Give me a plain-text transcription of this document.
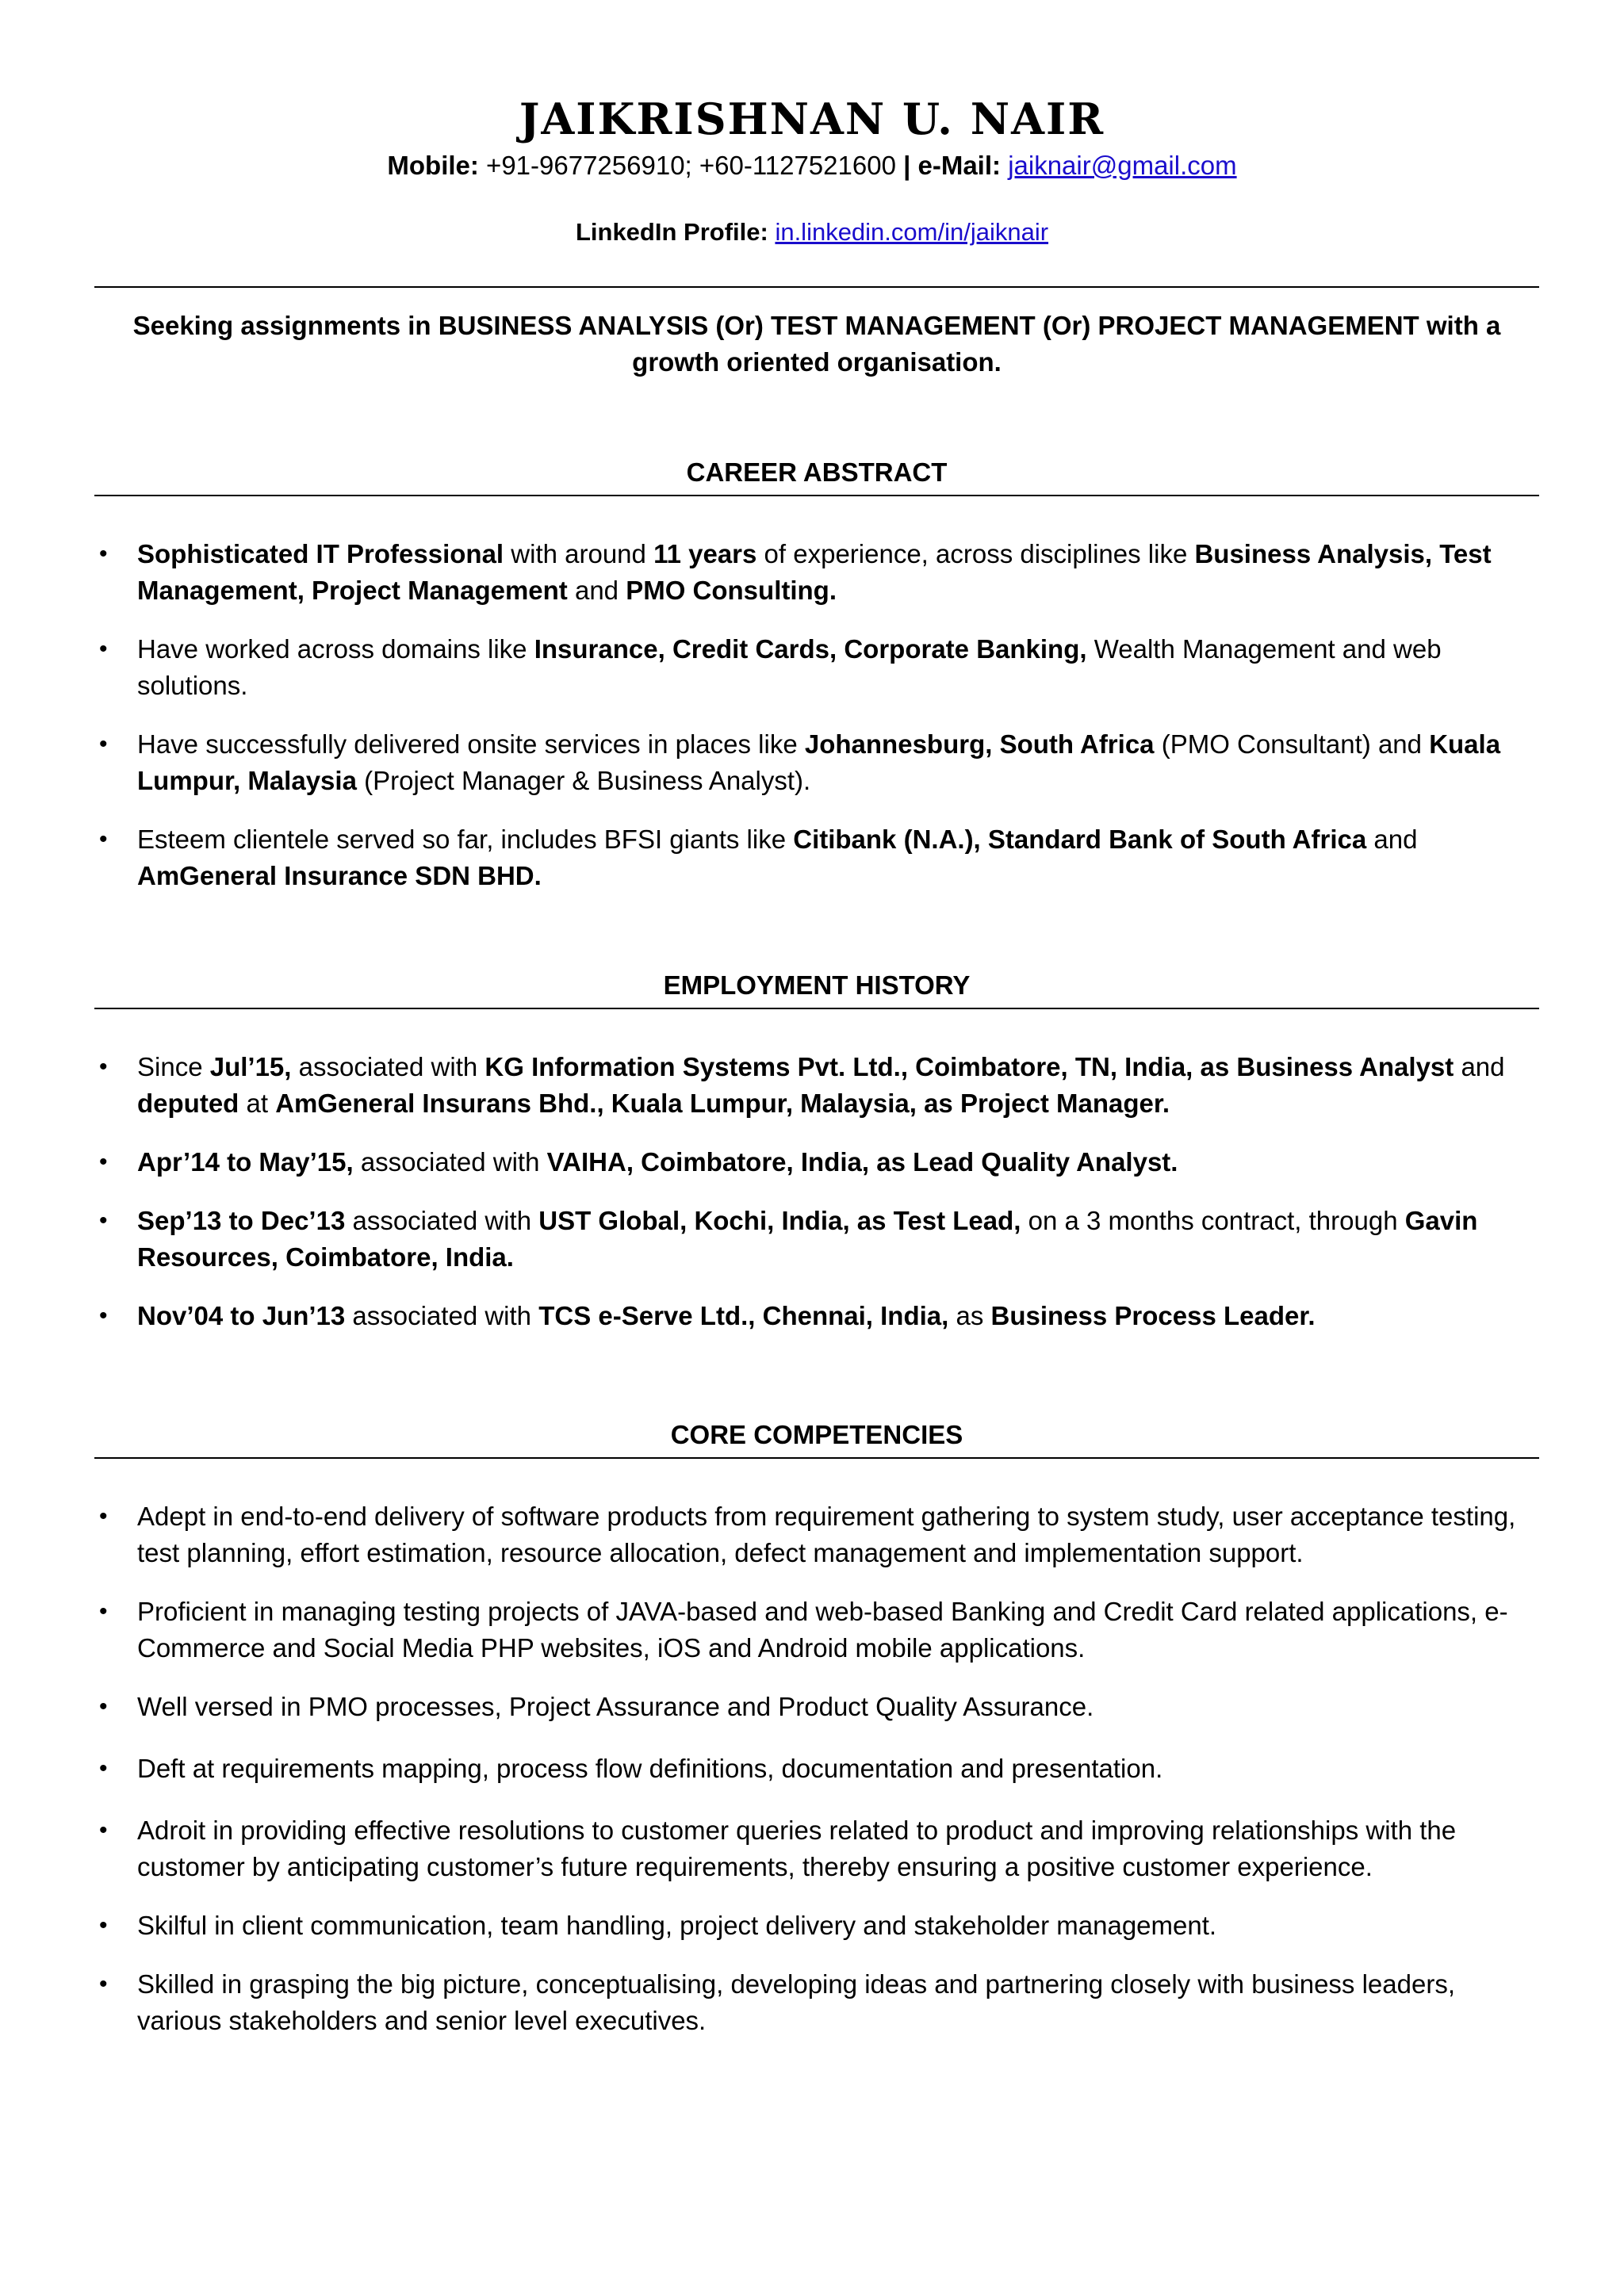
JAIKRISHNAN U. NAIR
Mobile: +91-9677256910; +60-1127521600 | e-Mail: jaiknair@gmail.com
LinkedIn Profile: in.linkedin.com/in/jaiknair
Seeking assignments in BUSINESS ANALYSIS (Or) TEST MANAGEMENT (Or) PROJECT MANAGEMENT with a growth oriented organisation.
CAREER ABSTRACT
• Sophisticated IT Professional with around 11 years of experience, across disciplines like Business Analysis, Test Management, Project Management and PMO Consulting.
• Have worked across domains like Insurance, Credit Cards, Corporate Banking, Wealth Management and web solutions.
• Have successfully delivered onsite services in places like Johannesburg, South Africa (PMO Consultant) and Kuala Lumpur, Malaysia (Project Manager & Business Analyst).
• Esteem clientele served so far, includes BFSI giants like Citibank (N.A.), Standard Bank of South Africa and AmGeneral Insurance SDN BHD.
EMPLOYMENT HISTORY
• Since Jul’15, associated with KG Information Systems Pvt. Ltd., Coimbatore, TN, India, as Business Analyst and deputed at AmGeneral Insurans Bhd., Kuala Lumpur, Malaysia, as Project Manager.
• Apr’14 to May’15, associated with VAIHA, Coimbatore, India, as Lead Quality Analyst.
• Sep’13 to Dec’13 associated with UST Global, Kochi, India, as Test Lead, on a 3 months contract, through Gavin Resources, Coimbatore, India.
• Nov’04 to Jun’13 associated with TCS e-Serve Ltd., Chennai, India, as Business Process Leader.
CORE COMPETENCIES
• Adept in end-to-end delivery of software products from requirement gathering to system study, user acceptance testing, test planning, effort estimation, resource allocation, defect management and implementation support.
• Proficient in managing testing projects of JAVA-based and web-based Banking and Credit Card related applications, e-Commerce and Social Media PHP websites, iOS and Android mobile applications.
• Well versed in PMO processes, Project Assurance and Product Quality Assurance.
• Deft at requirements mapping, process flow definitions, documentation and presentation.
• Adroit in providing effective resolutions to customer queries related to product and improving relationships with the customer by anticipating customer’s future requirements, thereby ensuring a positive customer experience.
• Skilful in client communication, team handling, project delivery and stakeholder management.
• Skilled in grasping the big picture, conceptualising, developing ideas and partnering closely with business leaders, various stakeholders and senior level executives.
